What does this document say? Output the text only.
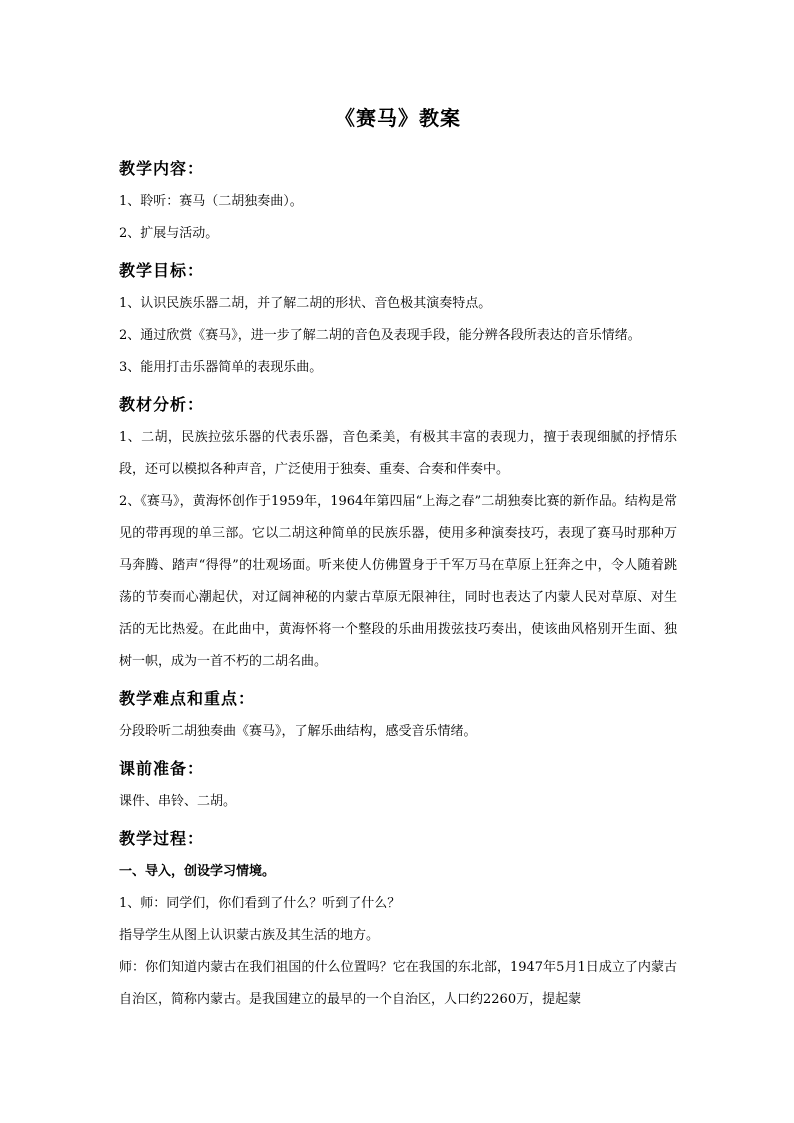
《赛马》教案
教学内容：

1、聆听：赛马（二胡独奏曲）。

2、扩展与活动。

教学目标：

1、认识民族乐器二胡，并了解二胡的形状、音色极其演奏特点。

2、通过欣赏《赛马》，进一步了解二胡的音色及表现手段，能分辨各段所表达的音乐情绪。

3、能用打击乐器简单的表现乐曲。

教材分析：

1、二胡，民族拉弦乐器的代表乐器，音色柔美，有极其丰富的表现力，擅于表现细腻的抒情乐段，还可以模拟各种声音，广泛使用于独奏、重奏、合奏和伴奏中。

2、《赛马》，黄海怀创作于1959年，1964年第四届“上海之春”二胡独奏比赛的新作品。结构是常见的带再现的单三部。它以二胡这种简单的民族乐器，使用多种演奏技巧，表现了赛马时那种万马奔腾、踏声“得得”的壮观场面。听来使人仿佛置身于千军万马在草原上狂奔之中，令人随着跳荡的节奏而心潮起伏，对辽阔神秘的内蒙古草原无限神往，同时也表达了内蒙人民对草原、对生活的无比热爱。在此曲中，黄海怀将一个整段的乐曲用拨弦技巧奏出，使该曲风格别开生面、独树一帜，成为一首不朽的二胡名曲。

教学难点和重点：

分段聆听二胡独奏曲《赛马》，了解乐曲结构，感受音乐情绪。

课前准备：

课件、串铃、二胡。

教学过程：

一、导入，创设学习情境。

1、师：同学们，你们看到了什么？听到了什么？

指导学生从图上认识蒙古族及其生活的地方。

师：你们知道内蒙古在我们祖国的什么位置吗？它在我国的东北部，1947年5月1日成立了内蒙古自治区，简称内蒙古。是我国建立的最早的一个自治区，人口约2260万，提起蒙
